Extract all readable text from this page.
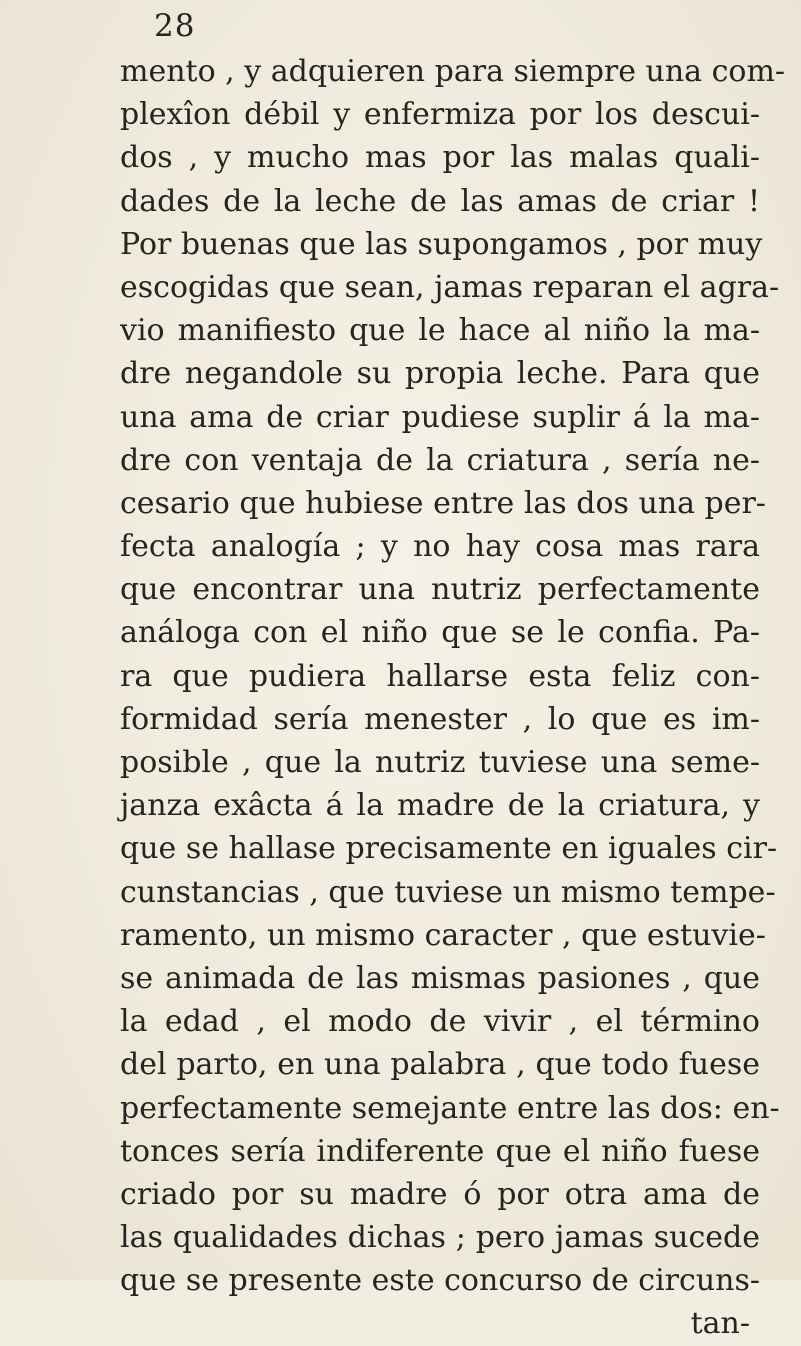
28
mento , y adquieren para siempre una com-
plexîon débil y enfermiza por los descui-
dos , y mucho mas por las malas quali-
dades de la leche de las amas de criar !
Por buenas que las supongamos , por muy
escogidas que sean, jamas reparan el agra-
vio manifiesto que le hace al niño la ma-
dre negandole su propia leche. Para que
una ama de criar pudiese suplir á la ma-
dre con ventaja de la criatura , sería ne-
cesario que hubiese entre las dos una per-
fecta analogía ; y no hay cosa mas rara
que encontrar una nutriz perfectamente
análoga con el niño que se le confia. Pa-
ra que pudiera hallarse esta feliz con-
formidad sería menester , lo que es im-
posible , que la nutriz tuviese una seme-
janza exâcta á la madre de la criatura, y
que se hallase precisamente en iguales cir-
cunstancias , que tuviese un mismo tempe-
ramento, un mismo caracter , que estuvie-
se animada de las mismas pasiones , que
la edad , el modo de vivir , el término
del parto, en una palabra , que todo fuese
perfectamente semejante entre las dos: en-
tonces sería indiferente que el niño fuese
criado por su madre ó por otra ama de
las qualidades dichas ; pero jamas sucede
que se presente este concurso de circuns-
tan-
